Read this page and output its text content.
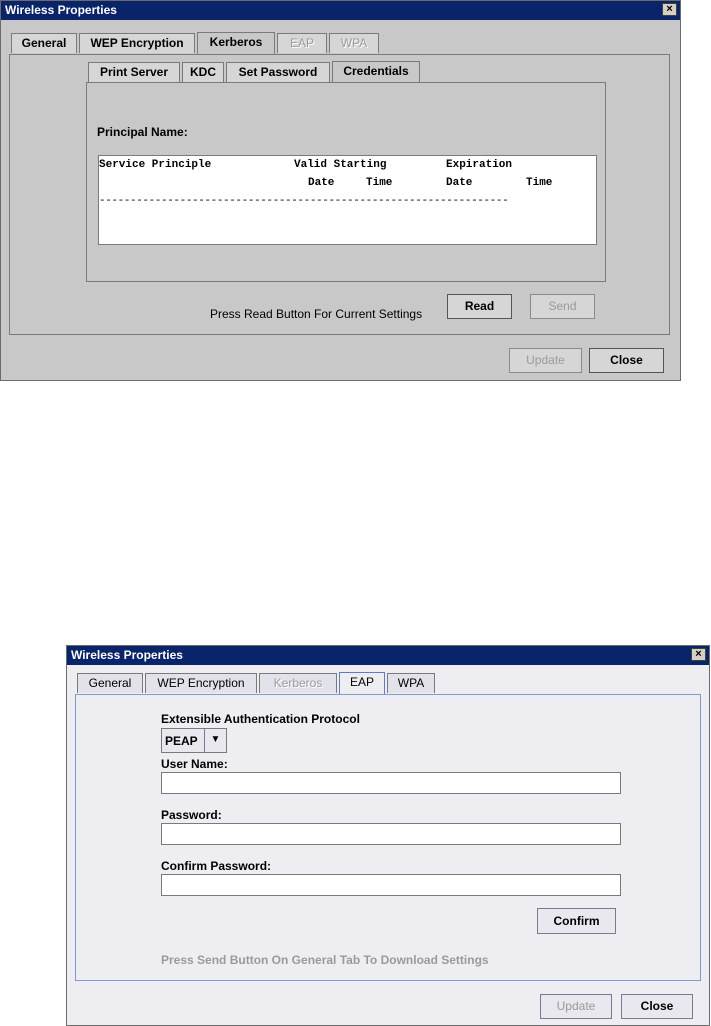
Wireless Properties	×
General	WEP Encryption	Kerberos	EAP	WPA
Print Server	KDC	Set Password	Credentials
Principal Name:
Service Principle	Valid Starting	Expiration
Date	Time	Date	Time
------------------------------------------------------------------
Press Read Button For Current Settings
Read	Send
Update	Close
Wireless Properties	×
General	WEP Encryption	Kerberos	EAP	WPA
Extensible Authentication Protocol
PEAP	▼
User Name:
Password:
Confirm Password:
Confirm
Press Send Button On General Tab To Download Settings
Update	Close
